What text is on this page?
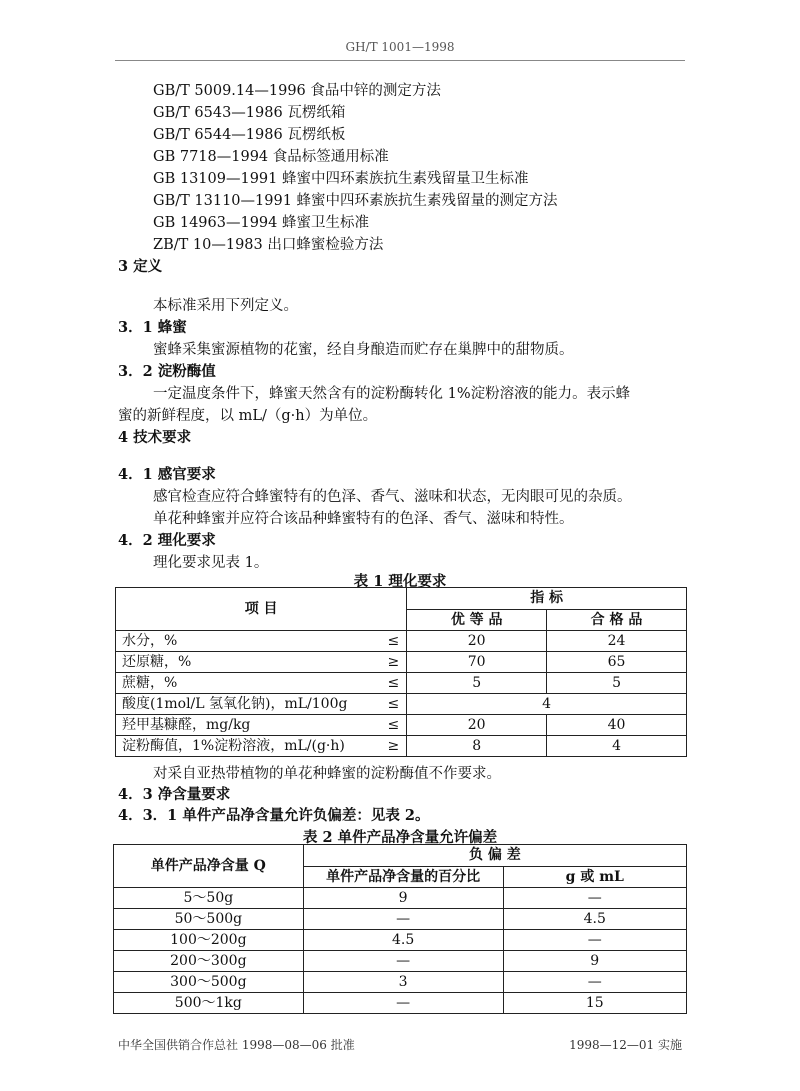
GH/T 1001—1998
GB/T 5009.14—1996 食品中锌的测定方法
GB/T 6543—1986 瓦楞纸箱
GB/T 6544—1986 瓦楞纸板
GB 7718—1994 食品标签通用标准
GB 13109—1991 蜂蜜中四环素族抗生素残留量卫生标准
GB/T 13110—1991 蜂蜜中四环素族抗生素残留量的测定方法
GB 14963—1994 蜂蜜卫生标准
ZB/T 10—1983 出口蜂蜜检验方法
3 定义
本标准采用下列定义。
3．1 蜂蜜
蜜蜂采集蜜源植物的花蜜，经自身酿造而贮存在巢脾中的甜物质。
3．2 淀粉酶值
一定温度条件下，蜂蜜天然含有的淀粉酶转化 1%淀粉溶液的能力。表示蜂
蜜的新鲜程度，以 mL/（g·h）为单位。
4 技术要求
4．1 感官要求
感官检查应符合蜂蜜特有的色泽、香气、滋味和状态，无肉眼可见的杂质。
单花种蜂蜜并应符合该品种蜂蜜特有的色泽、香气、滋味和特性。
4．2 理化要求
理化要求见表 1。
表 1 理化要求
项 目		指 标	
		优 等 品	合 格 品
水分，%	≤	20	24
还原糖，%	≥	70	65
蔗糖，%	≤	5	5
酸度(1mol/L 氢氧化钠)，mL/100g	≤	4	
羟甲基糠醛，mg/kg	≤	20	40
淀粉酶值，1%淀粉溶液，mL/(g·h)	≥	8	4
对采自亚热带植物的单花种蜂蜜的淀粉酶值不作要求。
4．3 净含量要求
4．3．1 单件产品净含量允许负偏差：见表 2。
表 2 单件产品净含量允许偏差
单件产品净含量 Q	负 偏 差	
	单件产品净含量的百分比	g 或 mL
5～50g	9	—
50～500g	—	4.5
100～200g	4.5	—
200～300g	—	9
300～500g	3	—
500～1kg	—	15
中华全国供销合作总社 1998—08—06 批准	1998—12—01 实施
